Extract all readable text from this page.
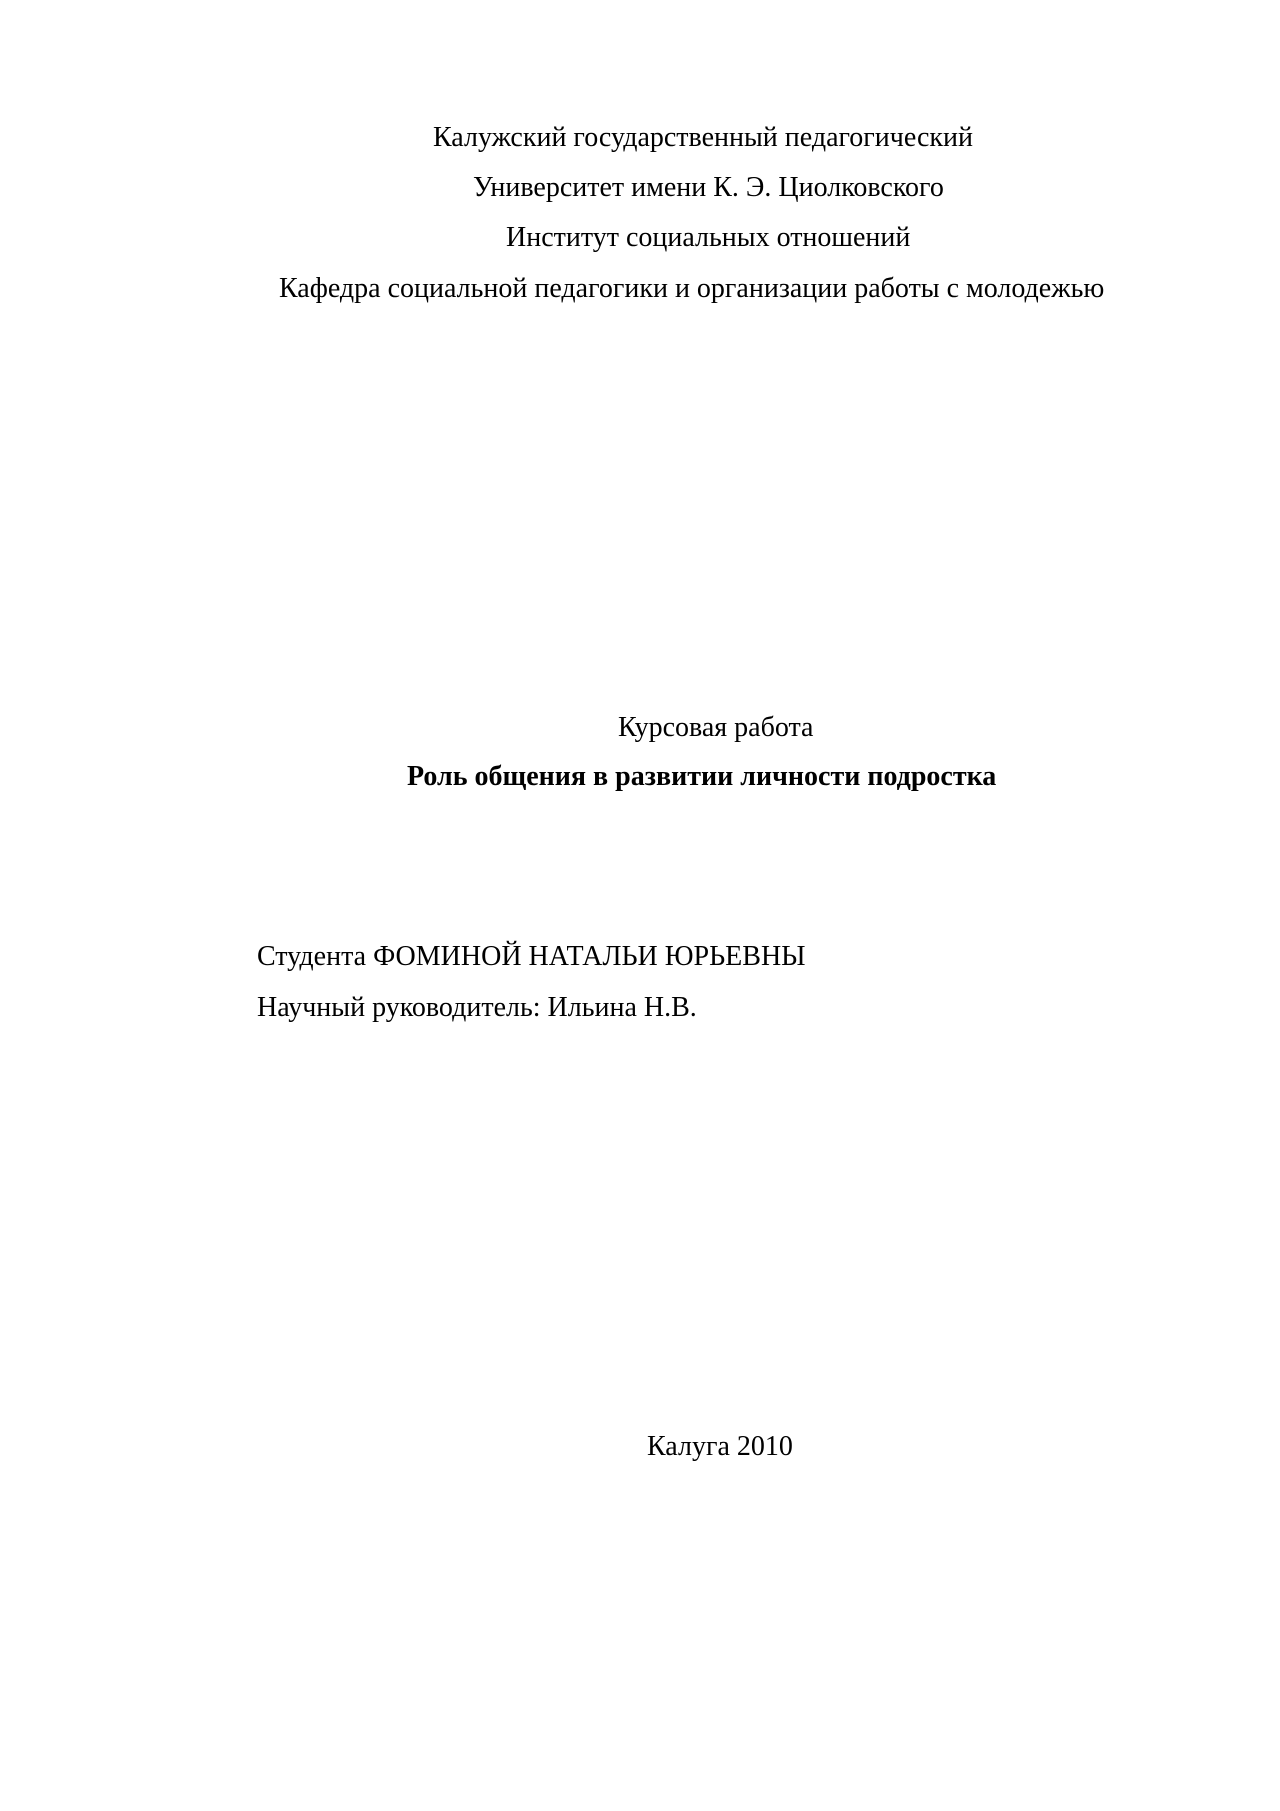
Калужский государственный педагогический
Университет имени К. Э. Циолковского
Институт социальных отношений
Кафедра социальной педагогики и организации работы с молодежью
Курсовая работа
Роль общения в развитии личности подростка
Студента ФОМИНОЙ НАТАЛЬИ ЮРЬЕВНЫ
Научный руководитель: Ильина Н.В.
Калуга 2010
